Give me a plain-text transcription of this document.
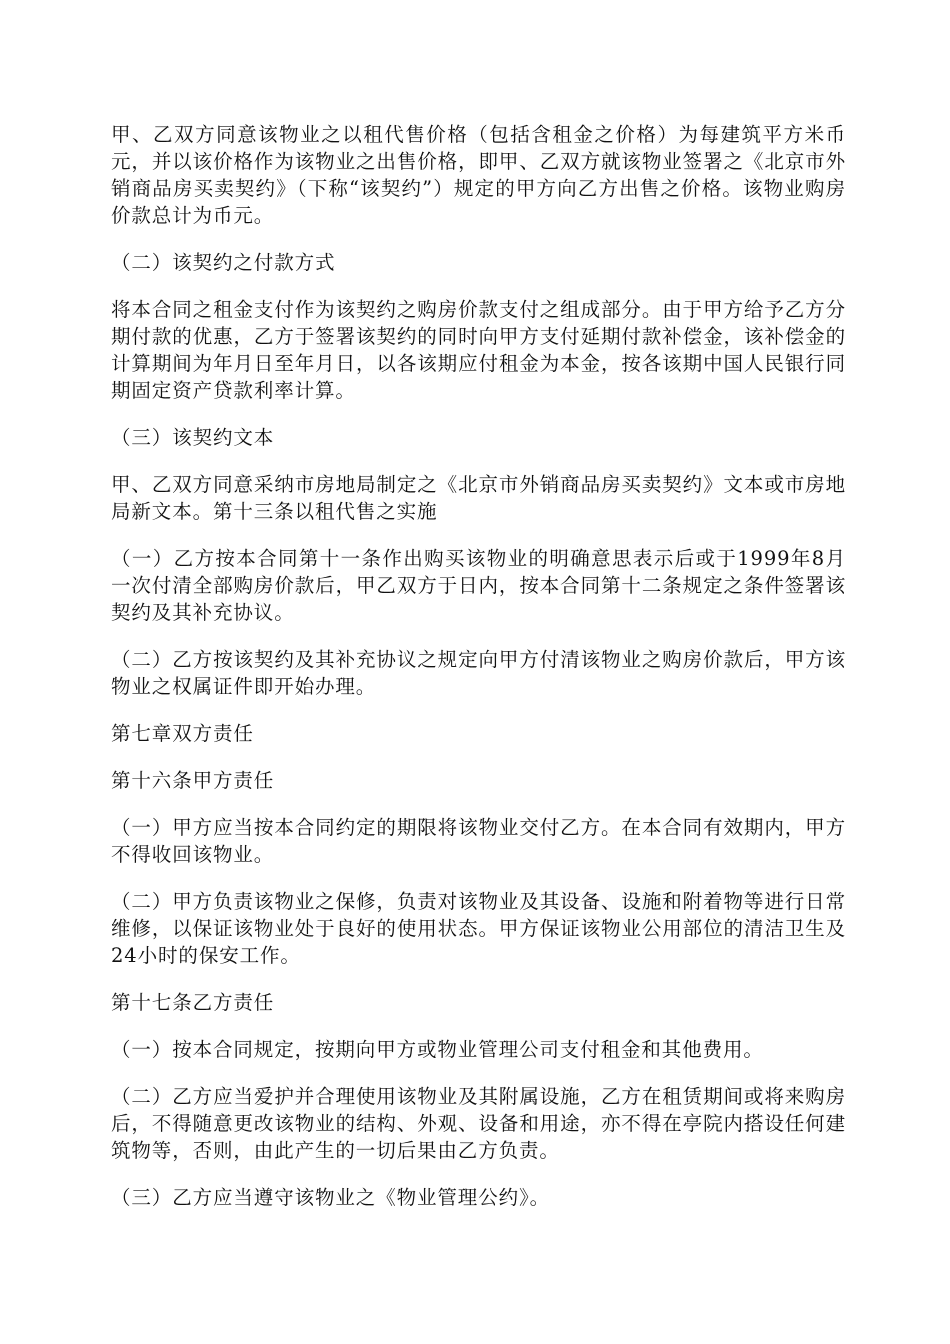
甲、乙双方同意该物业之以租代售价格（包括含租金之价格）为每建筑平方米币元，并以该价格作为该物业之出售价格，即甲、乙双方就该物业签署之《北京市外销商品房买卖契约》（下称“该契约”）规定的甲方向乙方出售之价格。该物业购房价款总计为币元。

（二）该契约之付款方式

将本合同之租金支付作为该契约之购房价款支付之组成部分。由于甲方给予乙方分期付款的优惠，乙方于签署该契约的同时向甲方支付延期付款补偿金，该补偿金的计算期间为年月日至年月日，以各该期应付租金为本金，按各该期中国人民银行同期固定资产贷款利率计算。

（三）该契约文本

甲、乙双方同意采纳市房地局制定之《北京市外销商品房买卖契约》文本或市房地局新文本。第十三条以租代售之实施

（一）乙方按本合同第十一条作出购买该物业的明确意思表示后或于1999年8月一次付清全部购房价款后，甲乙双方于日内，按本合同第十二条规定之条件签署该契约及其补充协议。

（二）乙方按该契约及其补充协议之规定向甲方付清该物业之购房价款后，甲方该物业之权属证件即开始办理。

第七章双方责任

第十六条甲方责任

（一）甲方应当按本合同约定的期限将该物业交付乙方。在本合同有效期内，甲方不得收回该物业。

（二）甲方负责该物业之保修，负责对该物业及其设备、设施和附着物等进行日常维修，以保证该物业处于良好的使用状态。甲方保证该物业公用部位的清洁卫生及24小时的保安工作。

第十七条乙方责任

（一）按本合同规定，按期向甲方或物业管理公司支付租金和其他费用。

（二）乙方应当爱护并合理使用该物业及其附属设施，乙方在租赁期间或将来购房后，不得随意更改该物业的结构、外观、设备和用途，亦不得在亭院内搭设任何建筑物等，否则，由此产生的一切后果由乙方负责。

（三）乙方应当遵守该物业之《物业管理公约》。
